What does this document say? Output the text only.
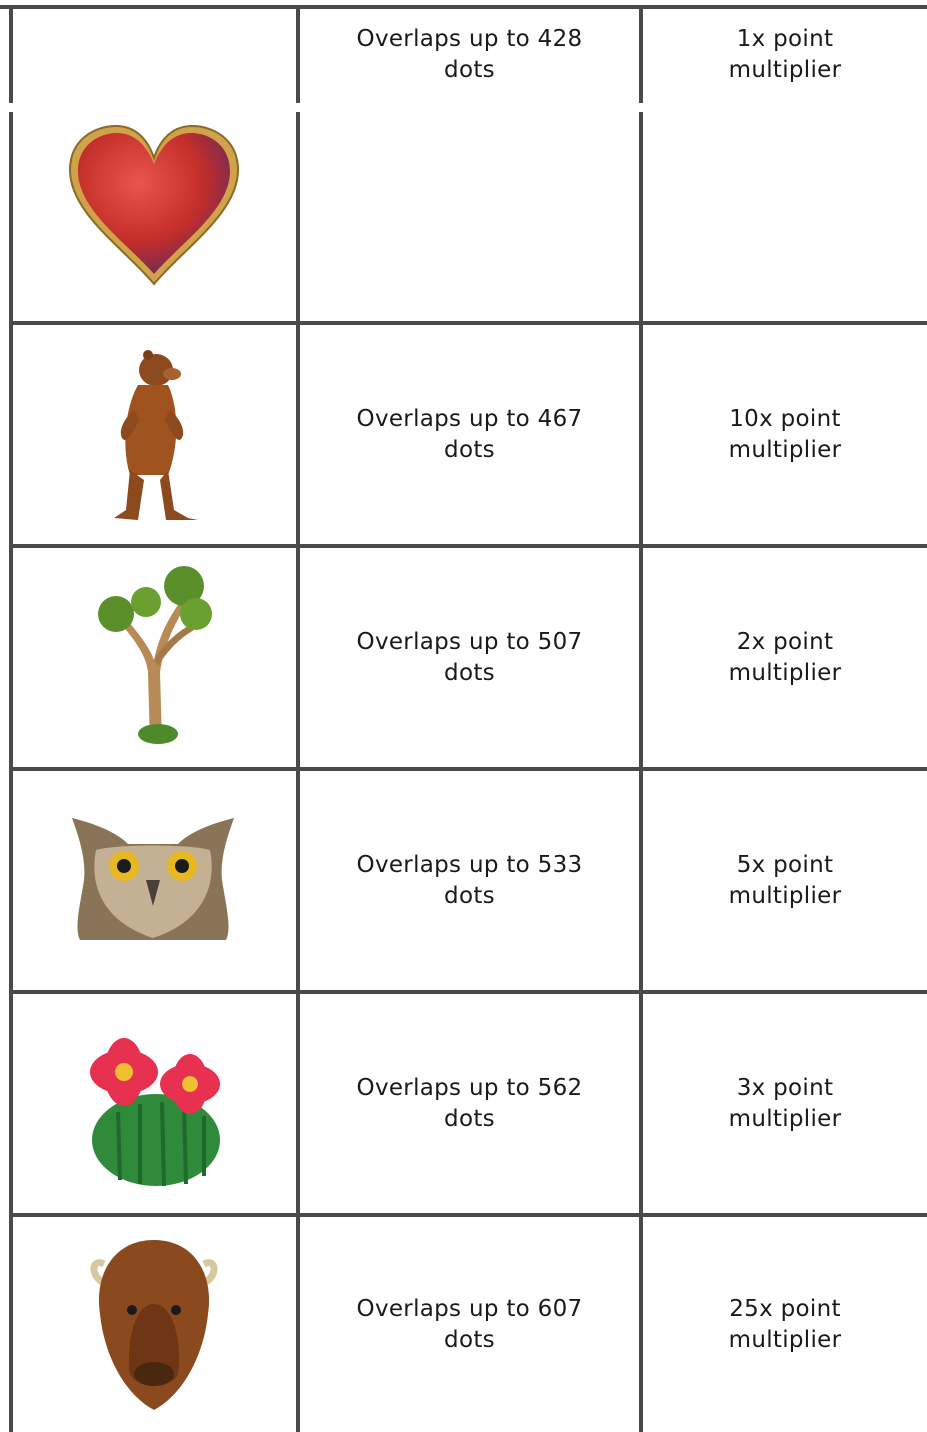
Overlaps up to 428
dots
1x point
multiplier
Overlaps up to 467
dots
10x point
multiplier
Overlaps up to 507
dots
2x point
multiplier
Overlaps up to 533
dots
5x point
multiplier
Overlaps up to 562
dots
3x point
multiplier
Overlaps up to 607
dots
25x point
multiplier
